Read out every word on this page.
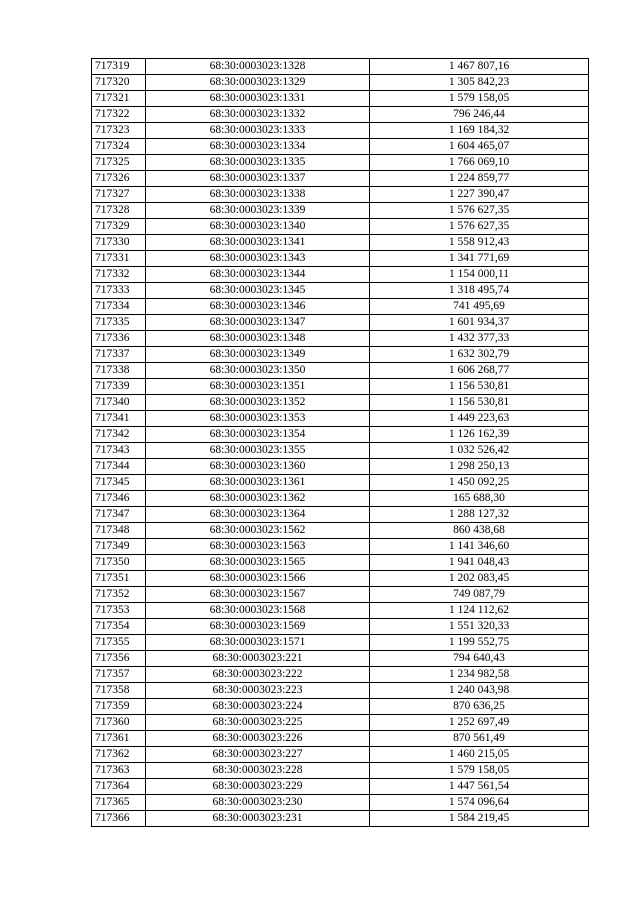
717319	68:30:0003023:1328	1 467 807,16
717320	68:30:0003023:1329	1 305 842,23
717321	68:30:0003023:1331	1 579 158,05
717322	68:30:0003023:1332	796 246,44
717323	68:30:0003023:1333	1 169 184,32
717324	68:30:0003023:1334	1 604 465,07
717325	68:30:0003023:1335	1 766 069,10
717326	68:30:0003023:1337	1 224 859,77
717327	68:30:0003023:1338	1 227 390,47
717328	68:30:0003023:1339	1 576 627,35
717329	68:30:0003023:1340	1 576 627,35
717330	68:30:0003023:1341	1 558 912,43
717331	68:30:0003023:1343	1 341 771,69
717332	68:30:0003023:1344	1 154 000,11
717333	68:30:0003023:1345	1 318 495,74
717334	68:30:0003023:1346	741 495,69
717335	68:30:0003023:1347	1 601 934,37
717336	68:30:0003023:1348	1 432 377,33
717337	68:30:0003023:1349	1 632 302,79
717338	68:30:0003023:1350	1 606 268,77
717339	68:30:0003023:1351	1 156 530,81
717340	68:30:0003023:1352	1 156 530,81
717341	68:30:0003023:1353	1 449 223,63
717342	68:30:0003023:1354	1 126 162,39
717343	68:30:0003023:1355	1 032 526,42
717344	68:30:0003023:1360	1 298 250,13
717345	68:30:0003023:1361	1 450 092,25
717346	68:30:0003023:1362	165 688,30
717347	68:30:0003023:1364	1 288 127,32
717348	68:30:0003023:1562	860 438,68
717349	68:30:0003023:1563	1 141 346,60
717350	68:30:0003023:1565	1 941 048,43
717351	68:30:0003023:1566	1 202 083,45
717352	68:30:0003023:1567	749 087,79
717353	68:30:0003023:1568	1 124 112,62
717354	68:30:0003023:1569	1 551 320,33
717355	68:30:0003023:1571	1 199 552,75
717356	68:30:0003023:221	794 640,43
717357	68:30:0003023:222	1 234 982,58
717358	68:30:0003023:223	1 240 043,98
717359	68:30:0003023:224	870 636,25
717360	68:30:0003023:225	1 252 697,49
717361	68:30:0003023:226	870 561,49
717362	68:30:0003023:227	1 460 215,05
717363	68:30:0003023:228	1 579 158,05
717364	68:30:0003023:229	1 447 561,54
717365	68:30:0003023:230	1 574 096,64
717366	68:30:0003023:231	1 584 219,45
